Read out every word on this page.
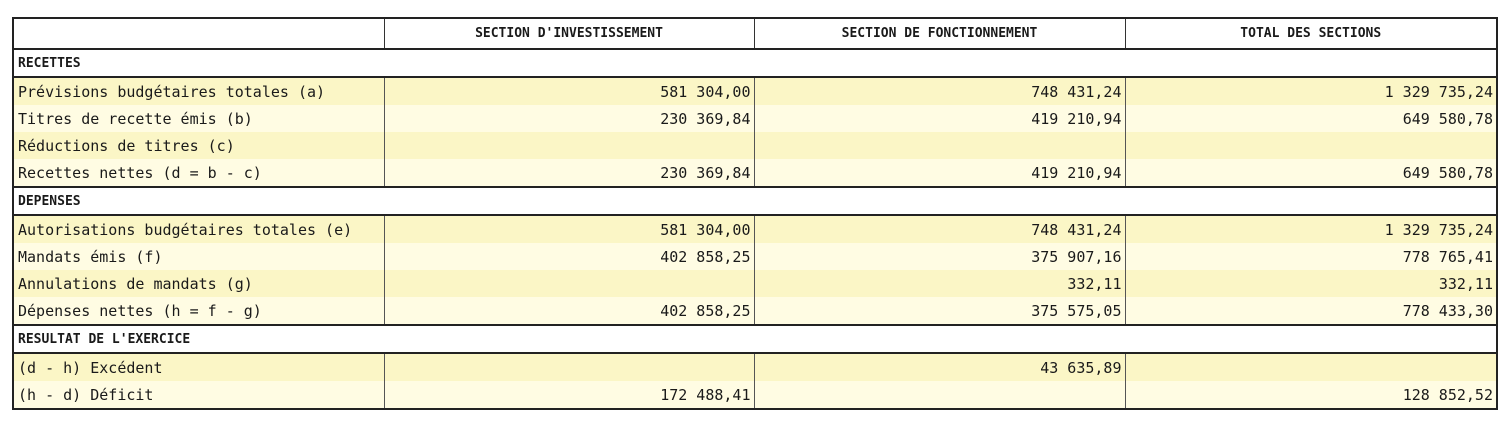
	SECTION D'INVESTISSEMENT	SECTION DE FONCTIONNEMENT	TOTAL DES SECTIONS
RECETTES			
Prévisions budgétaires totales (a)	581 304,00	748 431,24	1 329 735,24
Titres de recette émis (b)	230 369,84	419 210,94	649 580,78
Réductions de titres (c)			
Recettes nettes (d = b - c)	230 369,84	419 210,94	649 580,78
DEPENSES			
Autorisations budgétaires totales (e)	581 304,00	748 431,24	1 329 735,24
Mandats émis (f)	402 858,25	375 907,16	778 765,41
Annulations de mandats (g)		332,11	332,11
Dépenses nettes (h = f - g)	402 858,25	375 575,05	778 433,30
RESULTAT DE L'EXERCICE			
(d - h) Excédent		43 635,89	
(h - d) Déficit	172 488,41		128 852,52
